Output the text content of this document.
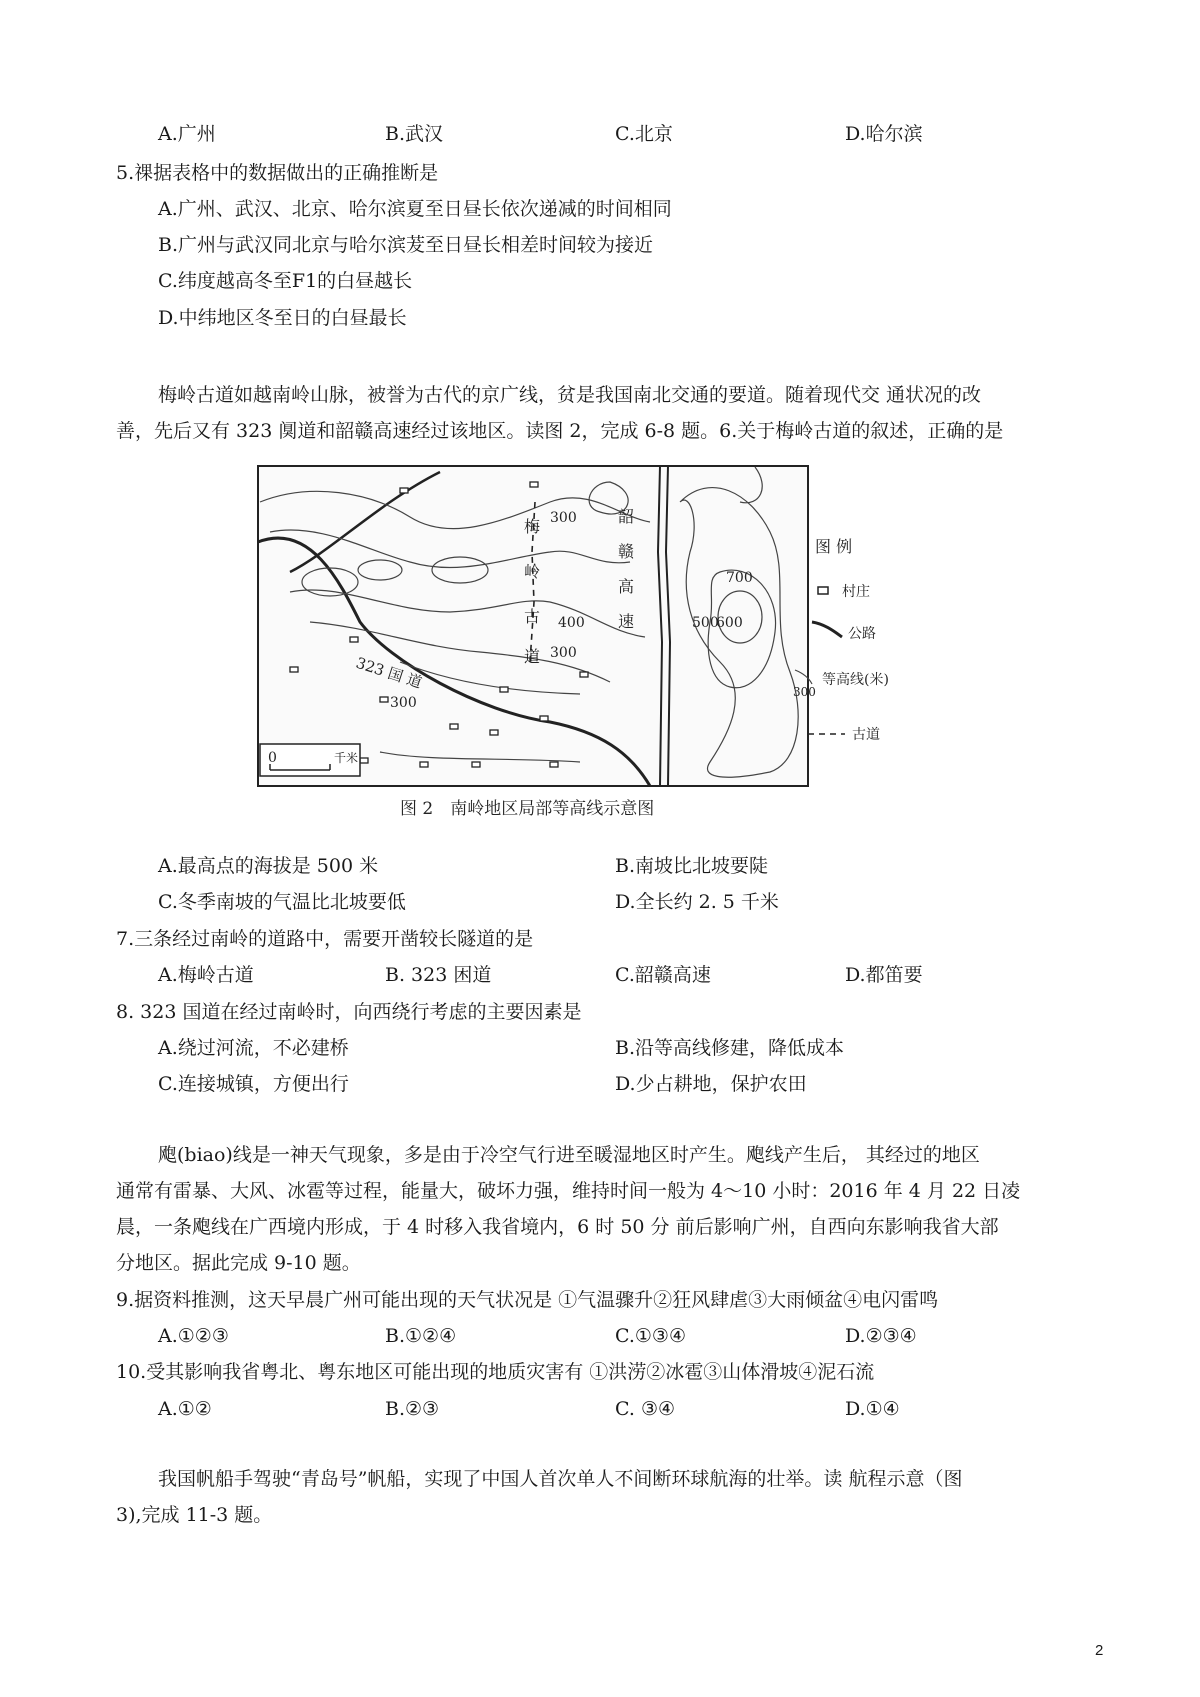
A.广州	B.武汉	C.北京	D.哈尔滨
5.祼据表格中的数据做出的正确推断是
A.广州、武汉、北京、哈尔滨夏至日昼长依次递减的时间相同
B.广州与武汉同北京与哈尔滨茇至日昼长相差时间较为接近
C.纬度越高冬至F1的白昼越长
D.中纬地区冬至日的白昼最长
梅岭古道如越南岭山脉，被誉为古代的京广线，贫是我国南北交通的要道。随着现代交 通状况的改
善，先后又有 323 阒道和韶赣高速经过该地区。读图 2，完成 6-8 题。6.关于梅岭古道的叙述，正确的是
300
400
300
300
500
600
700
梅
岭
古
道
韶
赣
高
速
323 国 道
0	千米
图 例
村庄
公路
300
等高线(米)
古道
图 2　南岭地区局部等高线示意图
A.最高点的海拔是 500 米	B.南坡比北坡要陡
C.冬季南坡的气温比北坡要低	D.全长约 2. 5 千米
7.三条经过南岭的道路中，需要开凿较长隧道的是
A.梅岭古道	B. 323 困道	C.韶赣高速	D.都笛要
8. 323 国道在经过南岭时，向西绕行考虑的主要因素是
A.绕过河流，不必建桥	B.沿等高线修建，降低成本
C.连接城镇，方便出行	D.少占耕地，保护农田
飑(biao)线是一神天气现象，多是由于冷空气行进至暖湿地区时产生。飑线产生后， 其经过的地区
通常有雷暴、大风、冰雹等过程，能量大，破坏力强，维持时间一般为 4～10 小时：2016 年 4 月 22 日凌
晨，一条飑线在广西境内形成，于 4 时移入我省境内，6 时 50 分 前后影响广州，自西向东影响我省大部
分地区。据此完成 9-10 题。
9.据资料推测，这天早晨广州可能出现的天气状况是 ①气温骤升②狂风肆虐③大雨倾盆④电闪雷鸣
A.①②③	B.①②④	C.①③④	D.②③④
10.受其影响我省粤北、粤东地区可能出现的地质灾害有 ①洪涝②冰雹③山体滑坡④泥石流
A.①②	B.②③	C. ③④	D.①④
我国帆船手驾驶“青岛号”帆船，实现了中国人首次单人不间断环球航海的壮举。读 航程示意（图
3),完成 11-3 题。
2
